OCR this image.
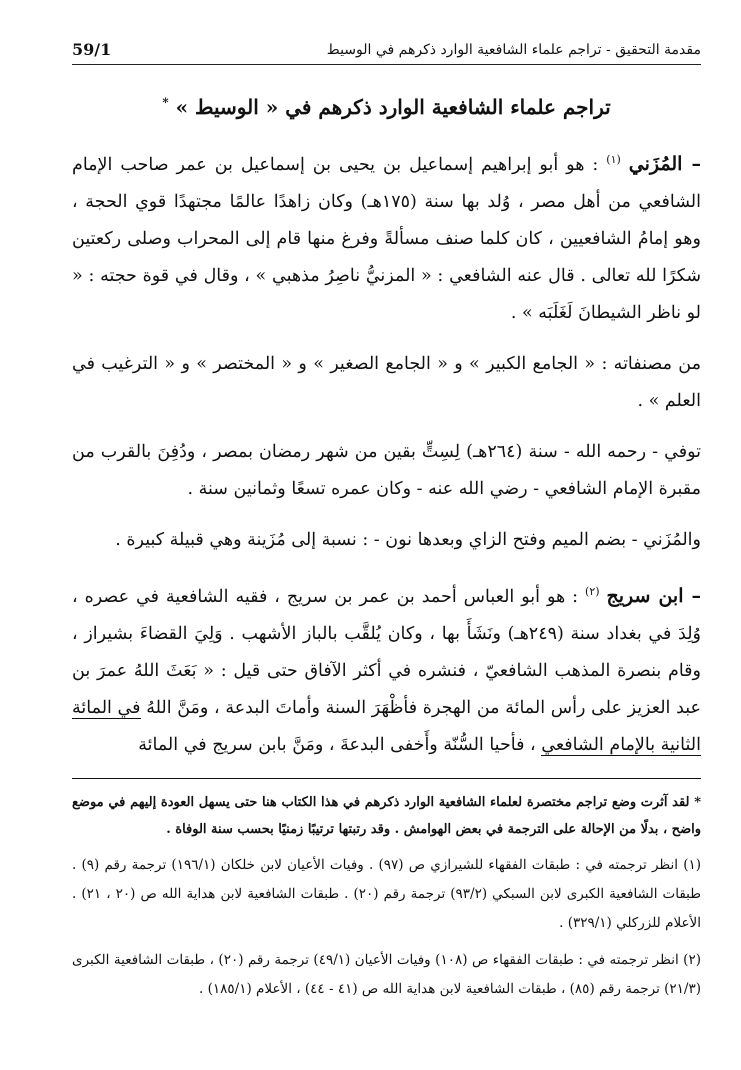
مقدمة التحقيق - تراجم علماء الشافعية الوارد ذكرهم في الوسيط
59/1
تراجم علماء الشافعية الوارد ذكرهم في « الوسيط » *

– المُزَني $^{(١)}$ : هو أبو إبراهيم إسماعيل بن يحيى بن إسماعيل بن عمر صاحب الإمام الشافعي من أهل مصر ، وُلد بها سنة (١٧٥هـ) وكان زاهدًا عالمًا مجتهدًا قوي الحجة ، وهو إمامُ الشافعيين ، كان كلما صنف مسألةً وفرغ منها قام إلى المحراب وصلى ركعتين شكرًا لله تعالى . قال عنه الشافعي : « المزنيُّ ناصِرُ مذهبي » ، وقال في قوة حجته : « لو ناظر الشيطانَ لَغَلَبَه » .

من مصنفاته : « الجامع الكبير » و « الجامع الصغير » و « المختصر » و « الترغيب في العلم » .

توفي - رحمه الله - سنة (٢٦٤هـ) لِسِتٍّ بقين من شهر رمضان بمصر ، ودُفِنَ بالقرب من مقبرة الإمام الشافعي - رضي الله عنه - وكان عمره تسعًا وثمانين سنة .

والمُزَني - بضم الميم وفتح الزاي وبعدها نون - : نسبة إلى مُزَينة وهي قبيلة كبيرة .

– ابن سريج $^{(٢)}$ : هو أبو العباس أحمد بن عمر بن سريج ، فقيه الشافعية في عصره ، وُلِدَ في بغداد سنة (٢٤٩هـ) ونَشَأَ بها ، وكان يُلقَّب بالباز الأشهب . وَلِيَ القضاءَ بشيراز ، وقام بنصرة المذهب الشافعيّ ، فنشره في أكثر الآفاق حتى قيل : « بَعَثَ اللهُ عمرَ بن عبد العزيز على رأس المائة من الهجرة فأظْهَرَ السنة وأماتَ البدعة ، ومَنَّ اللهُ في المائة الثانية بالإمام الشافعي ، فأحيا السُّنّة وأَخفى البدعةَ ، ومَنَّ بابن سريج في المائة

* لقد آثرت وضع تراجم مختصرة لعلماء الشافعية الوارد ذكرهم في هذا الكتاب هنا حتى يسهل العودة إليهم في موضع واضح ، بدلًا من الإحالة على الترجمة في بعض الهوامش . وقد رتبتها ترتيبًا زمنيًا بحسب سنة الوفاة .

(١) انظر ترجمته في : طبقات الفقهاء للشيرازي ص (٩٧) . وفيات الأعيان لابن خلكان (١٩٦/١) ترجمة رقم (٩) . طبقات الشافعية الكبرى لابن السبكي (٩٣/٢) ترجمة رقم (٢٠) . طبقات الشافعية لابن هداية الله ص (٢٠ ، ٢١) . الأعلام للزركلي (٣٢٩/١) .

(٢) انظر ترجمته في : طبقات الفقهاء ص (١٠٨) وفيات الأعيان (٤٩/١) ترجمة رقم (٢٠) ، طبقات الشافعية الكبرى (٢١/٣) ترجمة رقم (٨٥) ، طبقات الشافعية لابن هداية الله ص (٤١ - ٤٤) ، الأعلام (١٨٥/١) .
